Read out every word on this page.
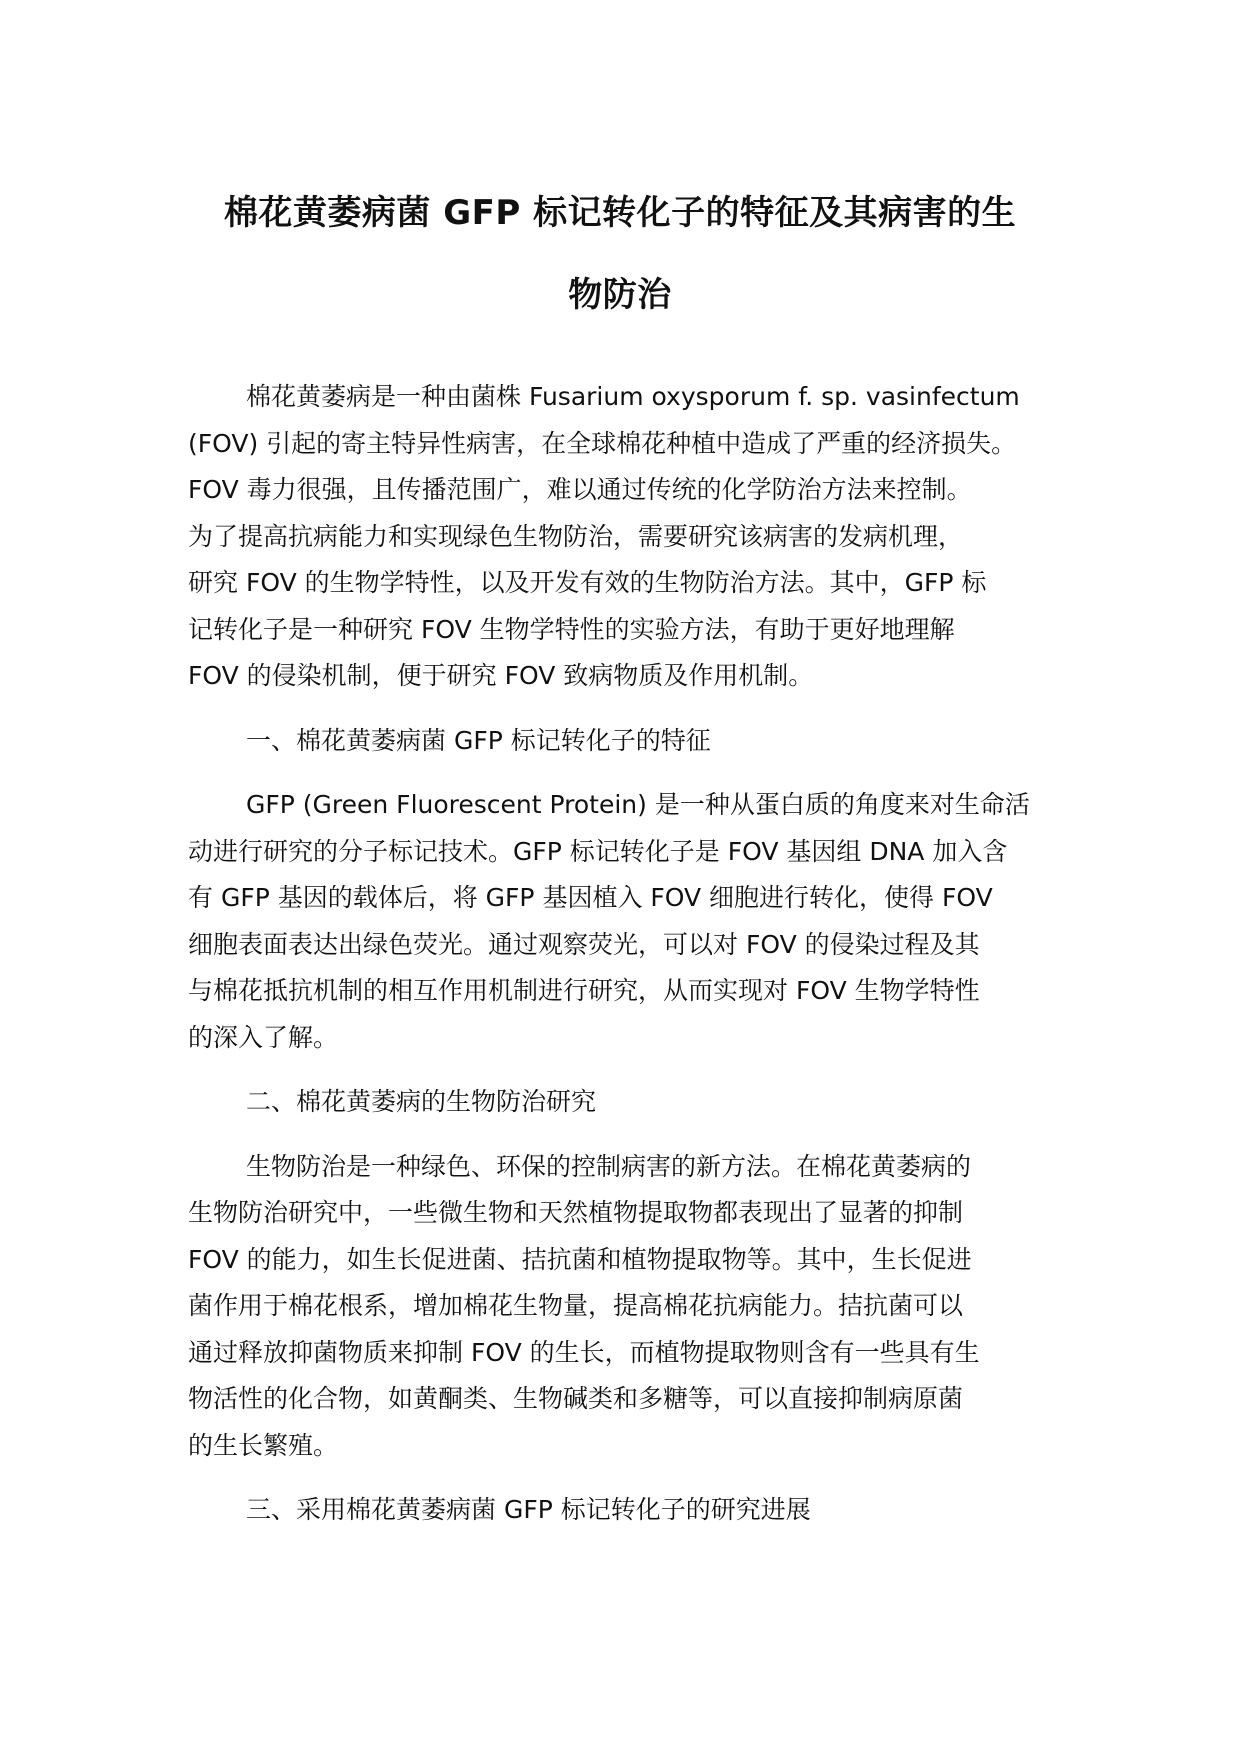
棉花黄萎病菌 GFP 标记转化子的特征及其病害的生
物防治

棉花黄萎病是一种由菌株 Fusarium oxysporum f. sp. vasinfectum
(FOV) 引起的寄主特异性病害，在全球棉花种植中造成了严重的经济损失。
FOV 毒力很强，且传播范围广，难以通过传统的化学防治方法来控制。
为了提高抗病能力和实现绿色生物防治，需要研究该病害的发病机理，
研究 FOV 的生物学特性，以及开发有效的生物防治方法。其中，GFP 标
记转化子是一种研究 FOV 生物学特性的实验方法，有助于更好地理解
FOV 的侵染机制，便于研究 FOV 致病物质及作用机制。

一、棉花黄萎病菌 GFP 标记转化子的特征

GFP (Green Fluorescent Protein) 是一种从蛋白质的角度来对生命活
动进行研究的分子标记技术。GFP 标记转化子是 FOV 基因组 DNA 加入含
有 GFP 基因的载体后，将 GFP 基因植入 FOV 细胞进行转化，使得 FOV
细胞表面表达出绿色荧光。通过观察荧光，可以对 FOV 的侵染过程及其
与棉花抵抗机制的相互作用机制进行研究，从而实现对 FOV 生物学特性
的深入了解。

二、棉花黄萎病的生物防治研究

生物防治是一种绿色、环保的控制病害的新方法。在棉花黄萎病的
生物防治研究中，一些微生物和天然植物提取物都表现出了显著的抑制
FOV 的能力，如生长促进菌、拮抗菌和植物提取物等。其中，生长促进
菌作用于棉花根系，增加棉花生物量，提高棉花抗病能力。拮抗菌可以
通过释放抑菌物质来抑制 FOV 的生长，而植物提取物则含有一些具有生
物活性的化合物，如黄酮类、生物碱类和多糖等，可以直接抑制病原菌
的生长繁殖。

三、采用棉花黄萎病菌 GFP 标记转化子的研究进展
